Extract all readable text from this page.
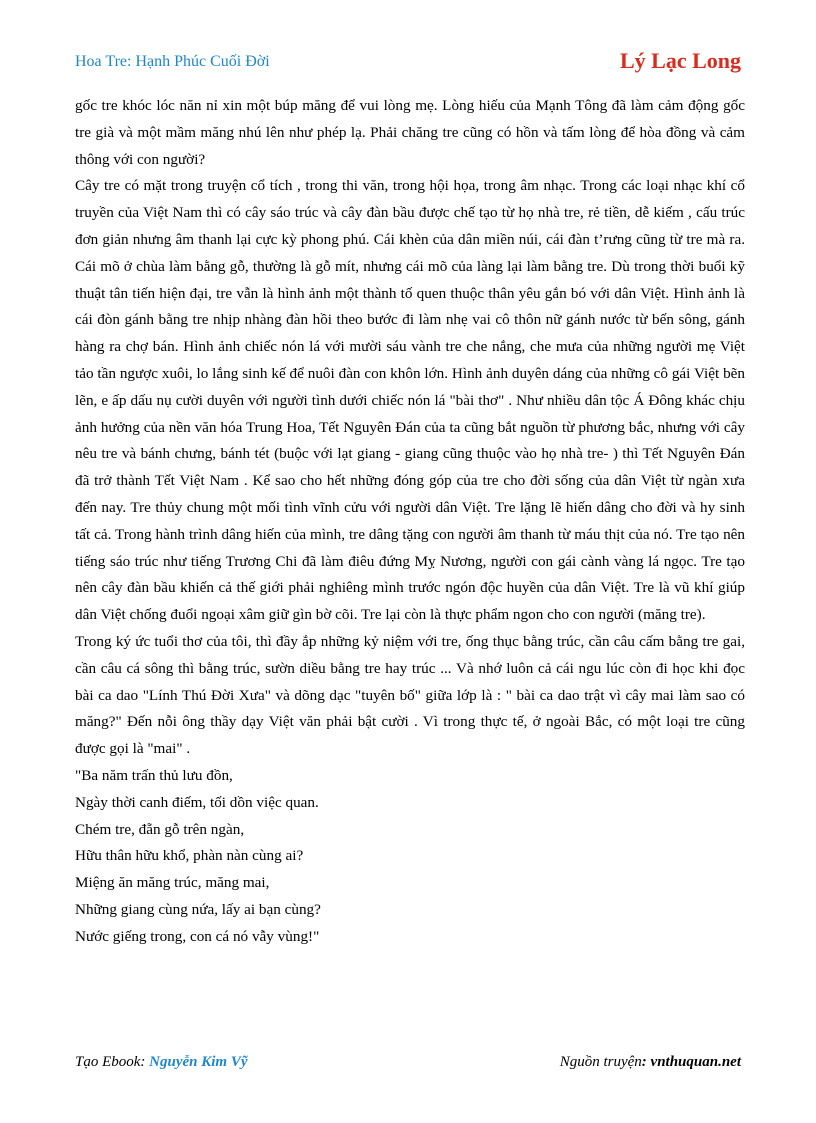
Hoa Tre: Hạnh Phúc Cuối Đời	Lý Lạc Long

gốc tre khóc lóc năn nỉ xin một búp măng để vui lòng mẹ. Lòng hiếu của Mạnh Tông đã làm cảm động gốc tre già và một mầm măng nhú lên như phép lạ. Phải chăng tre cũng có hồn và tấm lòng để hòa đồng và cảm thông với con người?

Cây tre có mặt trong truyện cổ tích , trong thi văn, trong hội họa, trong âm nhạc. Trong các loại nhạc khí cổ truyền của Việt Nam thì có cây sáo trúc và cây đàn bầu được chế tạo từ họ nhà tre, rẻ tiền, dễ kiếm , cấu trúc đơn giản nhưng âm thanh lại cực kỳ phong phú. Cái khèn của dân miền núi, cái đàn t’rưng cũng từ tre mà ra. Cái mõ ở chùa làm bằng gỗ, thường là gỗ mít, nhưng cái mõ của làng lại làm bằng tre. Dù trong thời buổi kỹ thuật tân tiến hiện đại, tre vẫn là hình ảnh một thành tố quen thuộc thân yêu gắn bó với dân Việt. Hình ảnh là cái đòn gánh bằng tre nhịp nhàng đàn hồi theo bước đi làm nhẹ vai cô thôn nữ gánh nước từ bến sông, gánh hàng ra chợ bán. Hình ảnh chiếc nón lá với mười sáu vành tre che nắng, che mưa của những người mẹ Việt tảo tần ngược xuôi, lo lắng sinh kế để nuôi đàn con khôn lớn. Hình ảnh duyên dáng của những cô gái Việt bẽn lẽn, e ấp dấu nụ cười duyên với người tình dưới chiếc nón lá "bài thơ" . Như nhiều dân tộc Á Đông khác chịu ảnh hưởng của nền văn hóa Trung Hoa, Tết Nguyên Đán của ta cũng bắt nguồn từ phương bắc, nhưng với cây nêu tre và bánh chưng, bánh tét (buộc với lạt giang - giang cũng thuộc vào họ nhà tre- ) thì Tết Nguyên Đán đã trở thành Tết Việt Nam . Kể sao cho hết những đóng góp của tre cho đời sống của dân Việt từ ngàn xưa đến nay. Tre thủy chung một mối tình vĩnh cửu với người dân Việt. Tre lặng lẽ hiến dâng cho đời và hy sinh tất cả. Trong hành trình dâng hiến của mình, tre dâng tặng con người âm thanh từ máu thịt của nó. Tre tạo nên tiếng sáo trúc như tiếng Trương Chi đã làm điêu đứng Mỵ Nương, người con gái cành vàng lá ngọc. Tre tạo nên cây đàn bầu khiến cả thế giới phải nghiêng mình trước ngón độc huyền của dân Việt. Tre là vũ khí giúp dân Việt chống đuổi ngoại xâm giữ gìn bờ cõi. Tre lại còn là thực phẩm ngon cho con người (măng tre).

Trong ký ức tuổi thơ của tôi, thì đầy ắp những kỷ niệm với tre, ống thục bằng trúc, cần câu cấm bằng tre gai, cần câu cá sông thì bằng trúc, sườn diều bằng tre hay trúc ... Và nhớ luôn cả cái ngu lúc còn đi học khi đọc bài ca dao "Lính Thú Đời Xưa" và dõng dạc "tuyên bố" giữa lớp là : " bài ca dao trật vì cây mai làm sao có măng?" Đến nỗi ông thầy dạy Việt văn phải bật cười . Vì trong thực tế, ở ngoài Bắc, có một loại tre cũng được gọi là "mai" .

"Ba năm trấn thủ lưu đồn,
Ngày thời canh điếm, tối dồn việc quan.
Chém tre, đẵn gỗ trên ngàn,
Hữu thân hữu khổ, phàn nàn cùng ai?
Miệng ăn măng trúc, măng mai,
Những giang cùng nứa, lấy ai bạn cùng?
Nước giếng trong, con cá nó vẫy vùng!"
Tạo Ebook: Nguyễn Kim Vỹ	Nguồn truyện: vnthuquan.net
